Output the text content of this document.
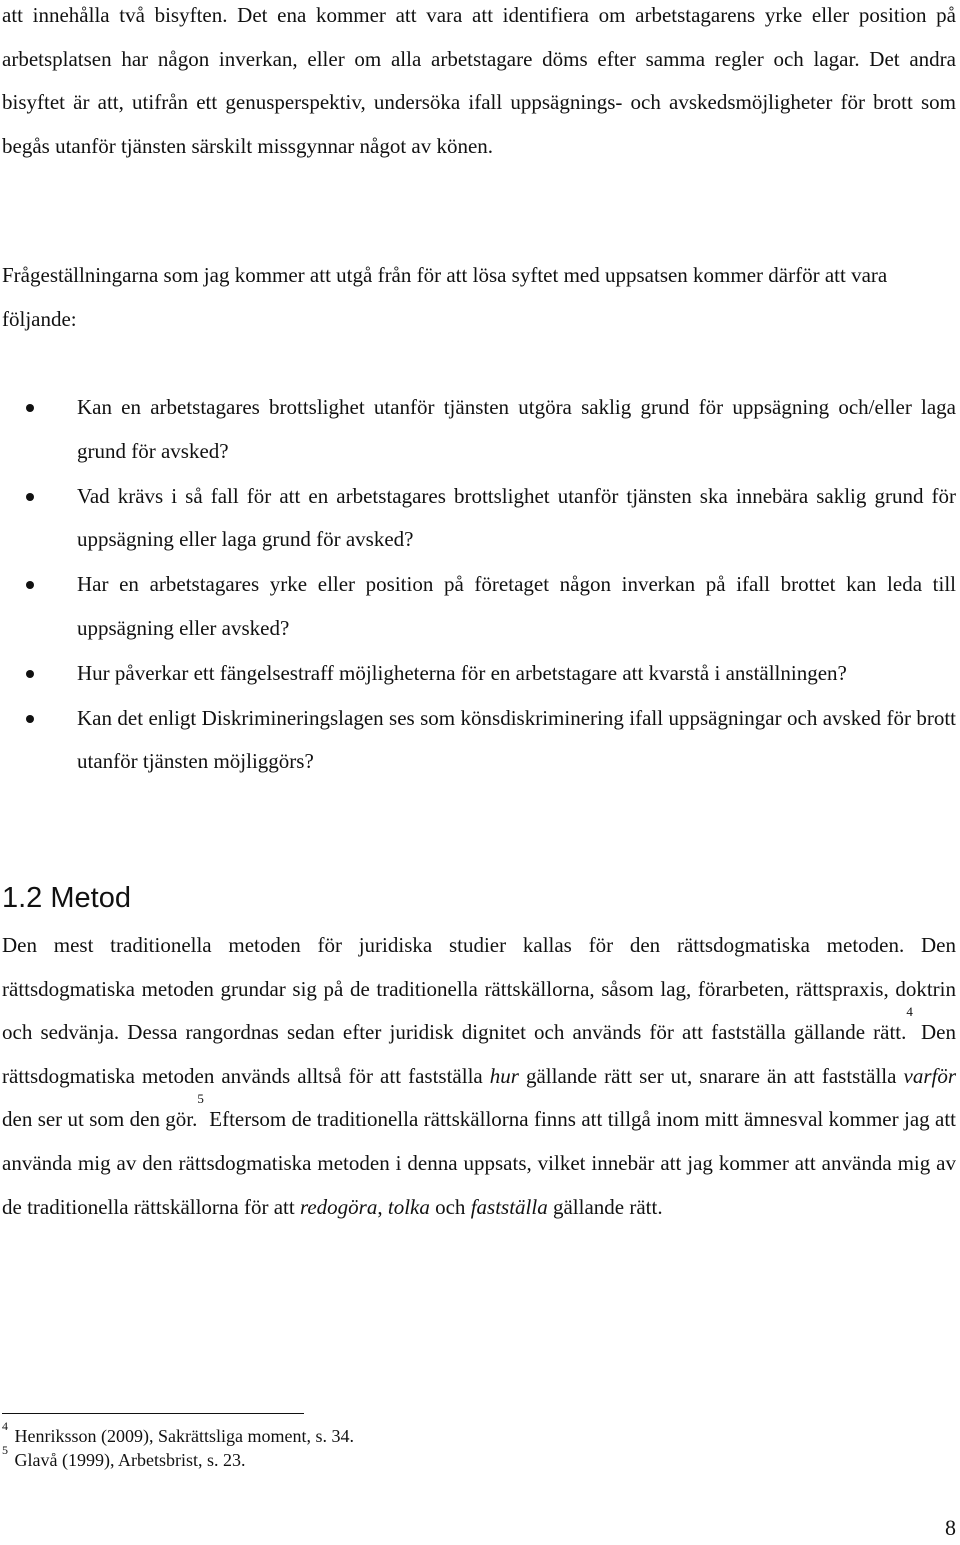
att innehålla två bisyften. Det ena kommer att vara att identifiera om arbetstagarens yrke eller position på arbetsplatsen har någon inverkan, eller om alla arbetstagare döms efter samma regler och lagar. Det andra bisyftet är att, utifrån ett genusperspektiv, undersöka ifall uppsägnings- och avskedsmöjligheter för brott som begås utanför tjänsten särskilt missgynnar något av könen.

Frågeställningarna som jag kommer att utgå från för att lösa syftet med uppsatsen kommer därför att vara följande:

Kan en arbetstagares brottslighet utanför tjänsten utgöra saklig grund för uppsägning och/eller laga grund för avsked?
Vad krävs i så fall för att en arbetstagares brottslighet utanför tjänsten ska innebära saklig grund för uppsägning eller laga grund för avsked?
Har en arbetstagares yrke eller position på företaget någon inverkan på ifall brottet kan leda till uppsägning eller avsked?
Hur påverkar ett fängelsestraff möjligheterna för en arbetstagare att kvarstå i anställningen?
Kan det enligt Diskrimineringslagen ses som könsdiskriminering ifall uppsägningar och avsked för brott utanför tjänsten möjliggörs?
1.2 Metod

Den mest traditionella metoden för juridiska studier kallas för den rättsdogmatiska metoden. Den rättsdogmatiska metoden grundar sig på de traditionella rättskällorna, såsom lag, förarbeten, rättspraxis, doktrin och sedvänja. Dessa rangordnas sedan efter juridisk dignitet och används för att fastställa gällande rätt.$^4$ Den rättsdogmatiska metoden används alltså för att fastställa hur gällande rätt ser ut, snarare än att fastställa varför den ser ut som den gör.$^5$ Eftersom de traditionella rättskällorna finns att tillgå inom mitt ämnesval kommer jag att använda mig av den rättsdogmatiska metoden i denna uppsats, vilket innebär att jag kommer att använda mig av de traditionella rättskällorna för att redogöra, tolka och fastställa gällande rätt.

$^4$ Henriksson (2009), Sakrättsliga moment, s. 34.
$^5$ Glavå (1999), Arbetsbrist, s. 23.
8
